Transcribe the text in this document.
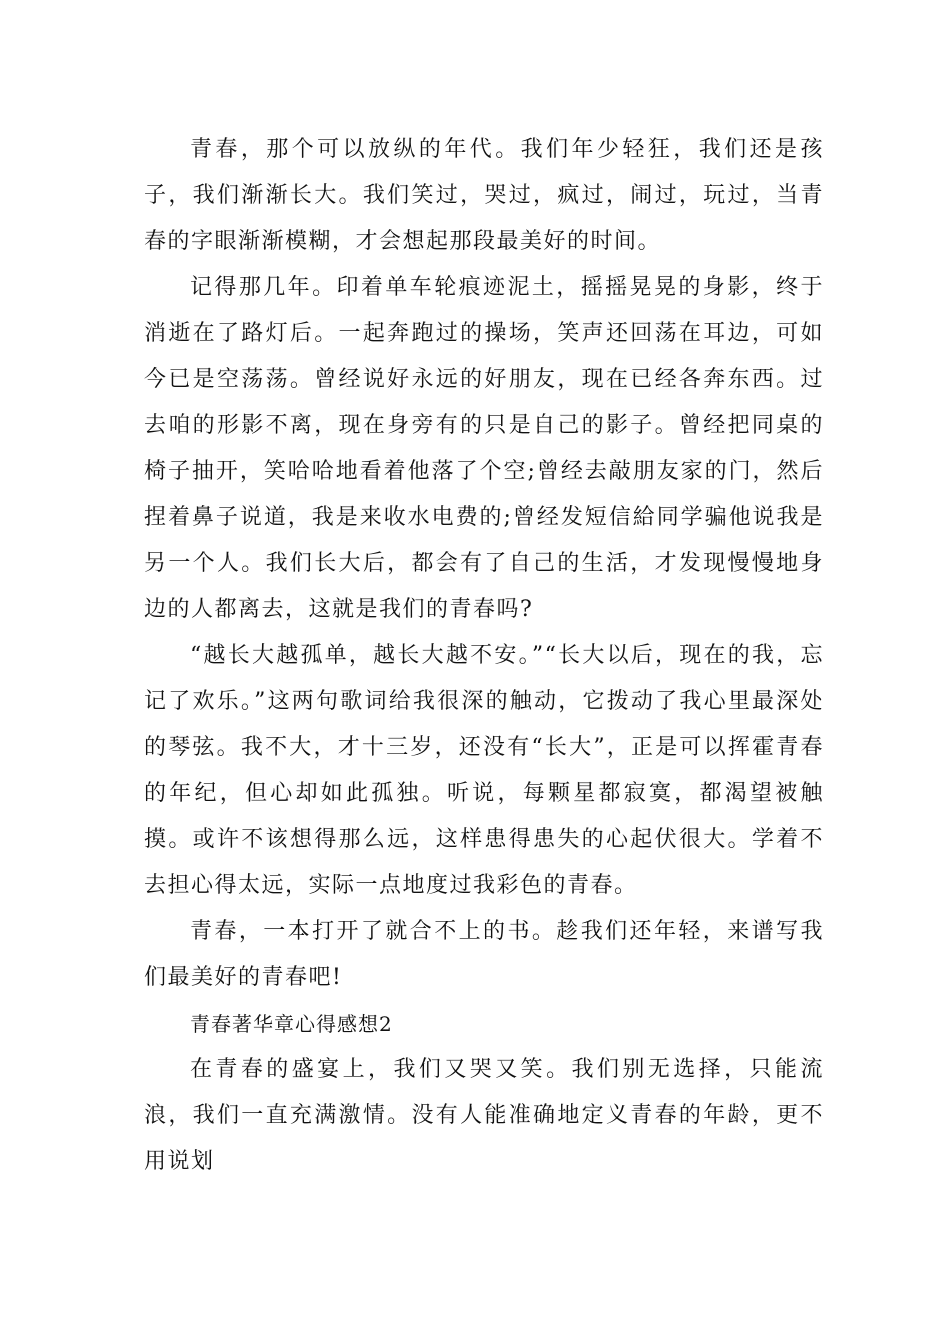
青春，那个可以放纵的年代。我们年少轻狂，我们还是孩子，我们渐渐长大。我们笑过，哭过，疯过，闹过，玩过，当青春的字眼渐渐模糊，才会想起那段最美好的时间。

记得那几年。印着单车轮痕迹泥土，摇摇晃晃的身影，终于消逝在了路灯后。一起奔跑过的操场，笑声还回荡在耳边，可如今已是空荡荡。曾经说好永远的好朋友，现在已经各奔东西。过去咱的形影不离，现在身旁有的只是自己的影子。曾经把同桌的椅子抽开，笑哈哈地看着他落了个空;曾经去敲朋友家的门，然后捏着鼻子说道，我是来收水电费的;曾经发短信給同学骗他说我是另一个人。我们长大后，都会有了自己的生活，才发现慢慢地身边的人都离去，这就是我们的青春吗?

“越长大越孤单，越长大越不安。”“长大以后，现在的我，忘记了欢乐。”这两句歌词给我很深的触动，它拨动了我心里最深处的琴弦。我不大，才十三岁，还没有“长大”，正是可以挥霍青春的年纪，但心却如此孤独。听说，每颗星都寂寞，都渴望被触摸。或许不该想得那么远，这样患得患失的心起伏很大。学着不去担心得太远，实际一点地度过我彩色的青春。

青春，一本打开了就合不上的书。趁我们还年轻，来谱写我们最美好的青春吧!

青春著华章心得感想2

在青春的盛宴上，我们又哭又笑。我们别无选择，只能流浪，我们一直充满激情。没有人能准确地定义青春的年龄，更不用说划
